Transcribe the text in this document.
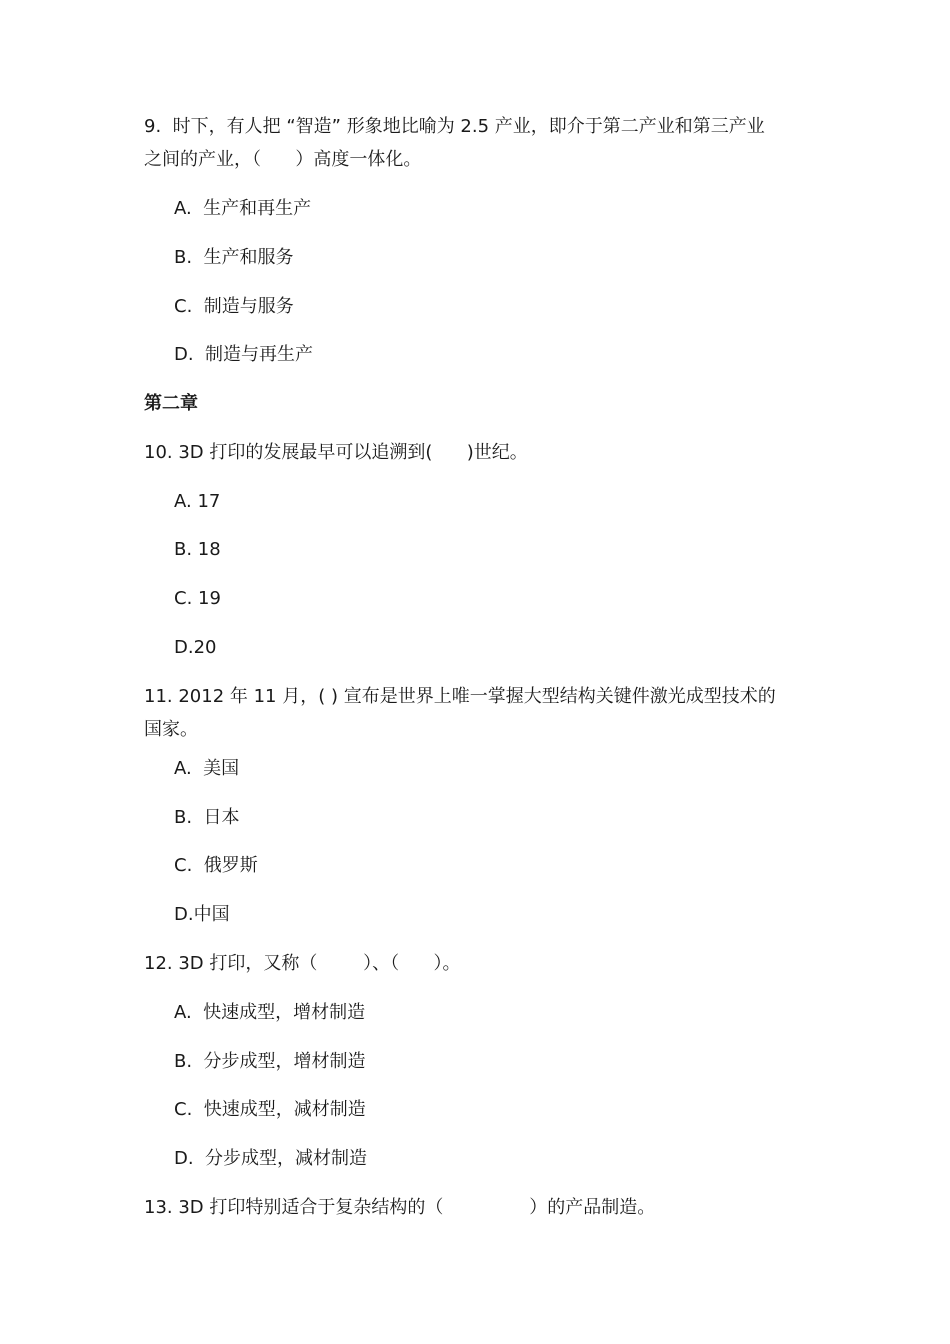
9.  时下，有人把 “智造” 形象地比喻为 2.5 产业，即介于第二产业和第三产业
之间的产业，（      ）高度一体化。
A.  生产和再生产
B.  生产和服务
C.  制造与服务
D.  制造与再生产
第二章
10. 3D 打印的发展最早可以追溯到(      )世纪。
A. 17
B. 18
C. 19
D.20
11. 2012 年 11 月，( ) 宣布是世界上唯一掌握大型结构关键件激光成型技术的
国家。
A.  美国
B.  日本
C.  俄罗斯
D.中国
12. 3D 打印，又称（        ）、（      ）。
A.  快速成型，增材制造
B.  分步成型，增材制造
C.  快速成型，减材制造
D.  分步成型，减材制造
13. 3D 打印特别适合于复杂结构的（               ）的产品制造。
